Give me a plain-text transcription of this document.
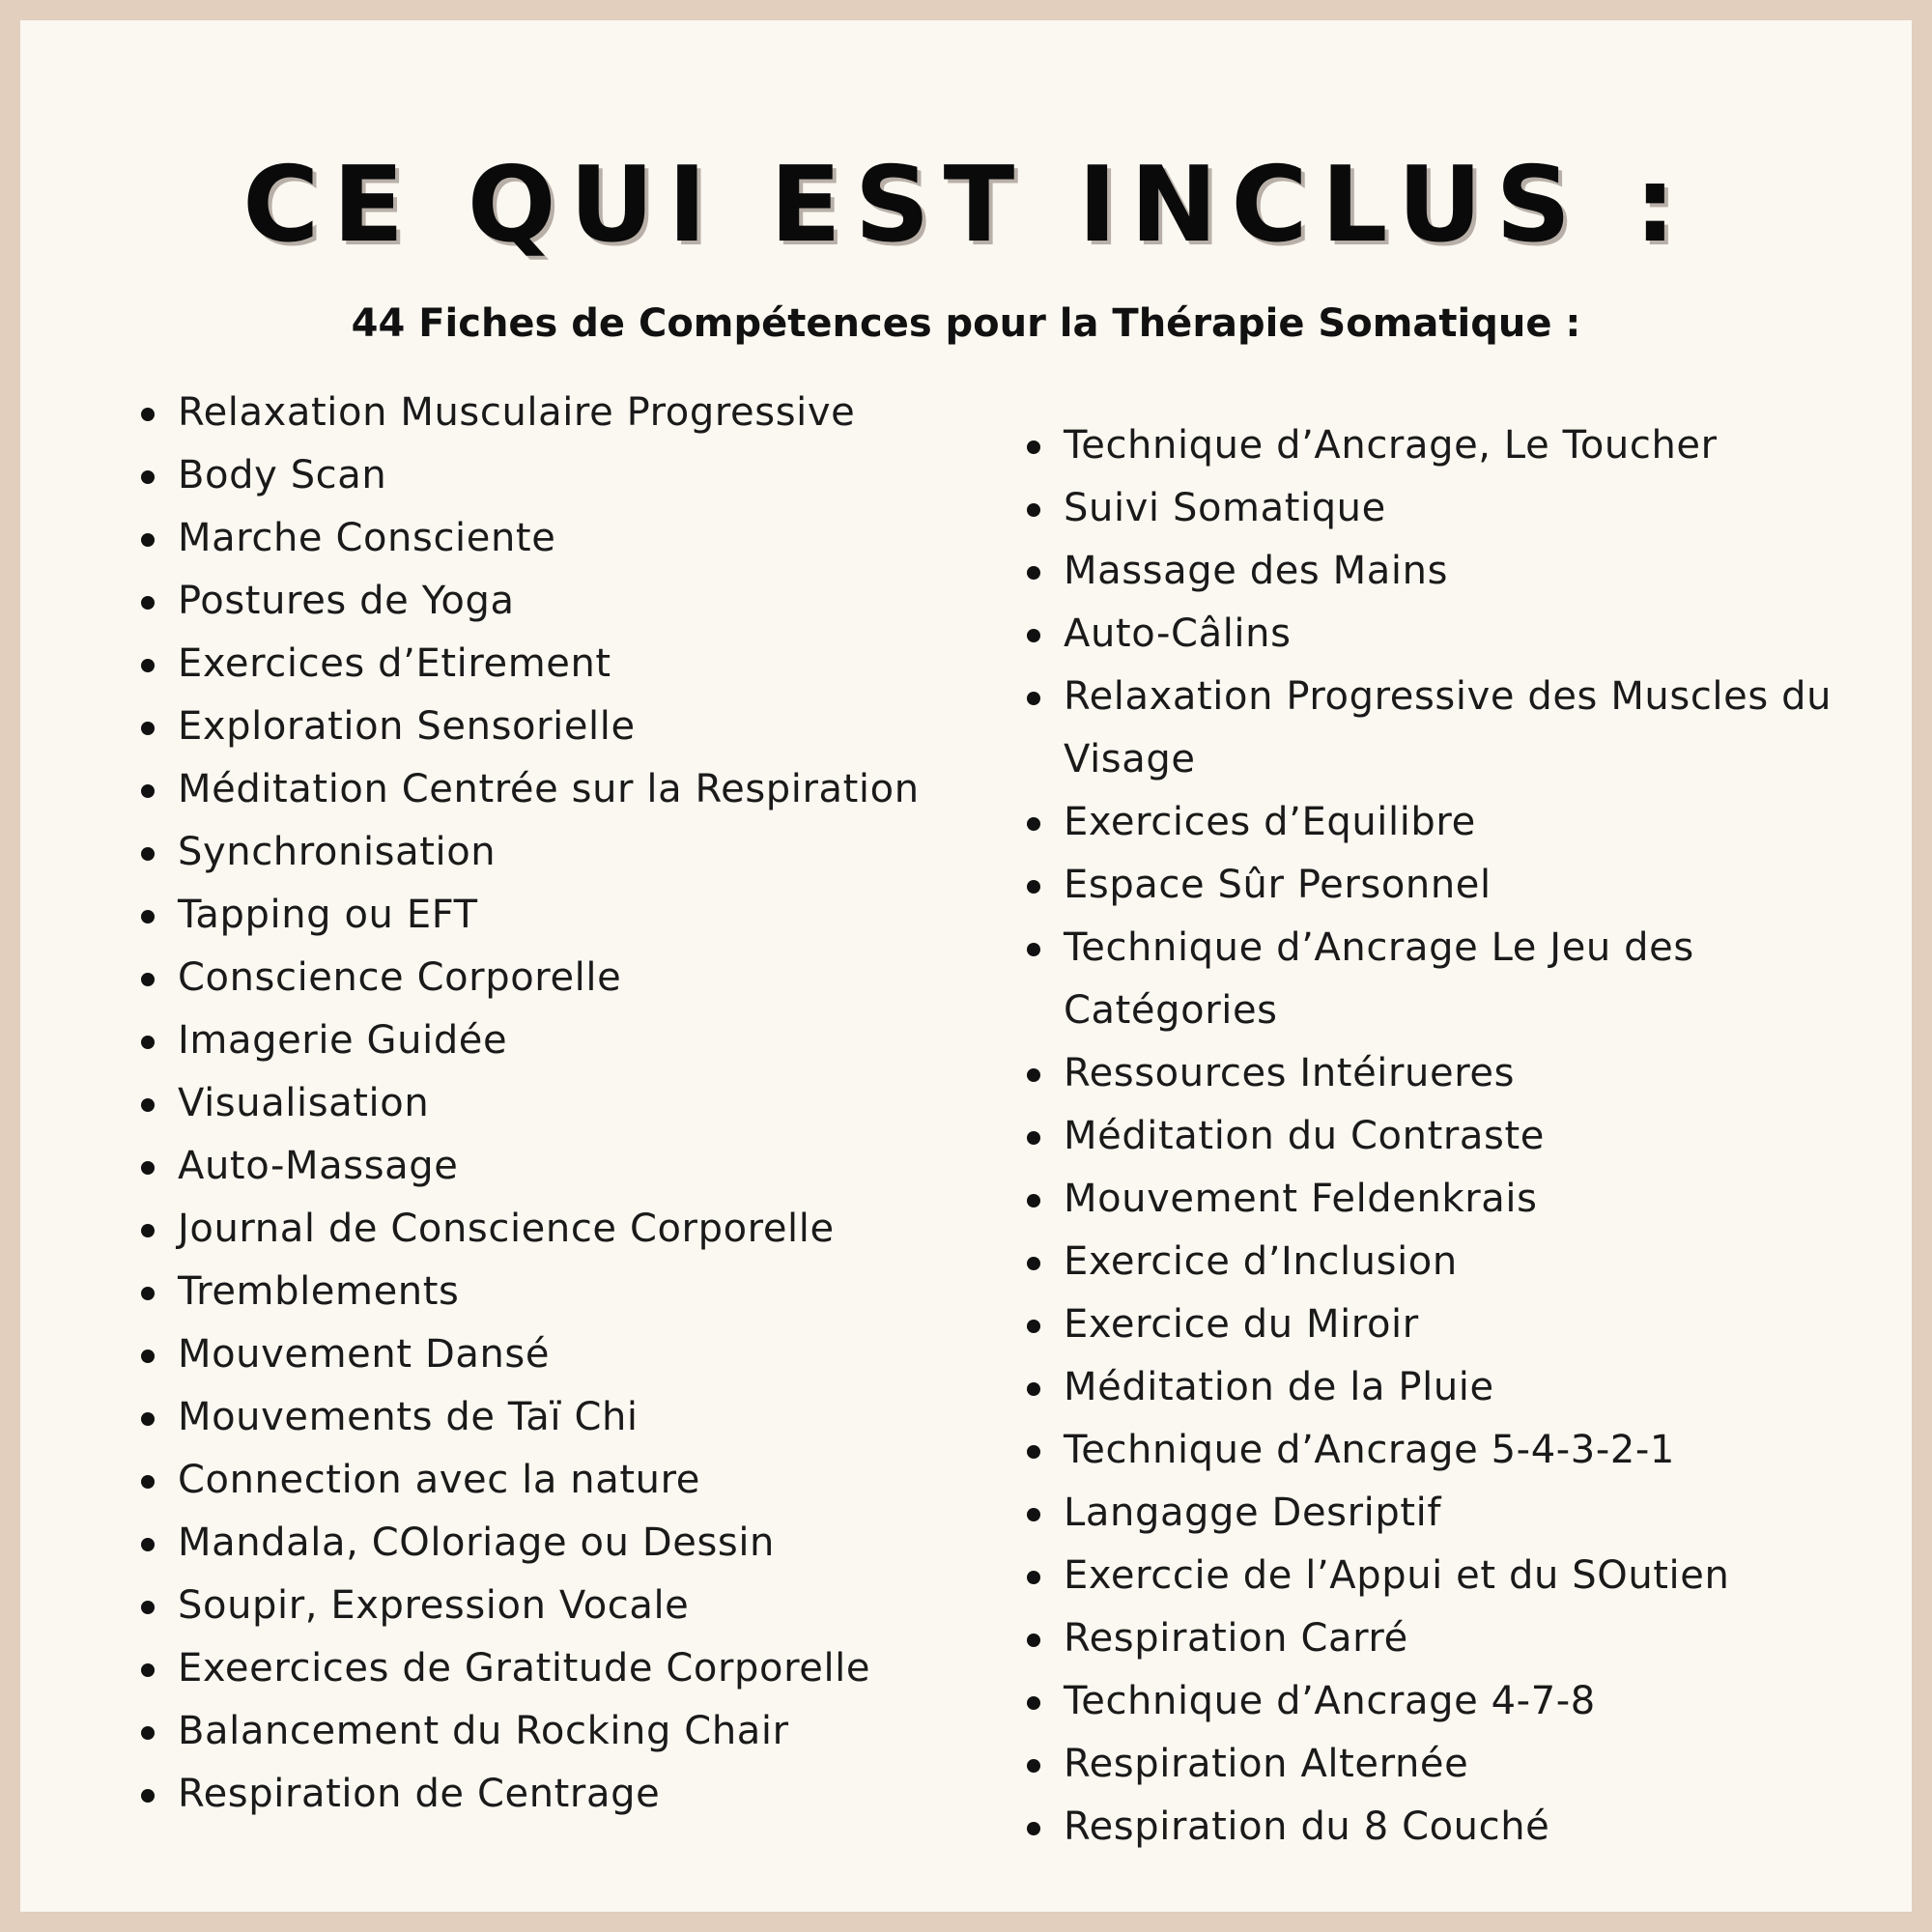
CE QUI EST INCLUS :
44 Fiches de Compétences pour la Thérapie Somatique :
Relaxation Musculaire Progressive
Body Scan
Marche Consciente
Postures de Yoga
Exercices d’Etirement
Exploration Sensorielle
Méditation Centrée sur la Respiration
Synchronisation
Tapping ou EFT
Conscience Corporelle
Imagerie Guidée
Visualisation
Auto-Massage
Journal de Conscience Corporelle
Tremblements
Mouvement Dansé
Mouvements de Taï Chi
Connection avec la nature
Mandala, COloriage ou Dessin
Soupir, Expression Vocale
Exeercices de Gratitude Corporelle
Balancement du Rocking Chair
Respiration de Centrage
Technique d’Ancrage, Le Toucher
Suivi Somatique
Massage des Mains
Auto-Câlins
Relaxation Progressive des Muscles du Visage
Exercices d’Equilibre
Espace Sûr Personnel
Technique d’Ancrage Le Jeu des Catégories
Ressources Intéirueres
Méditation du Contraste
Mouvement Feldenkrais
Exercice d’Inclusion
Exercice du Miroir
Méditation de la Pluie
Technique d’Ancrage 5-4-3-2-1
Langagge Desriptif
Exerccie de l’Appui et du SOutien
Respiration Carré
Technique d’Ancrage 4-7-8
Respiration Alternée
Respiration du 8 Couché
